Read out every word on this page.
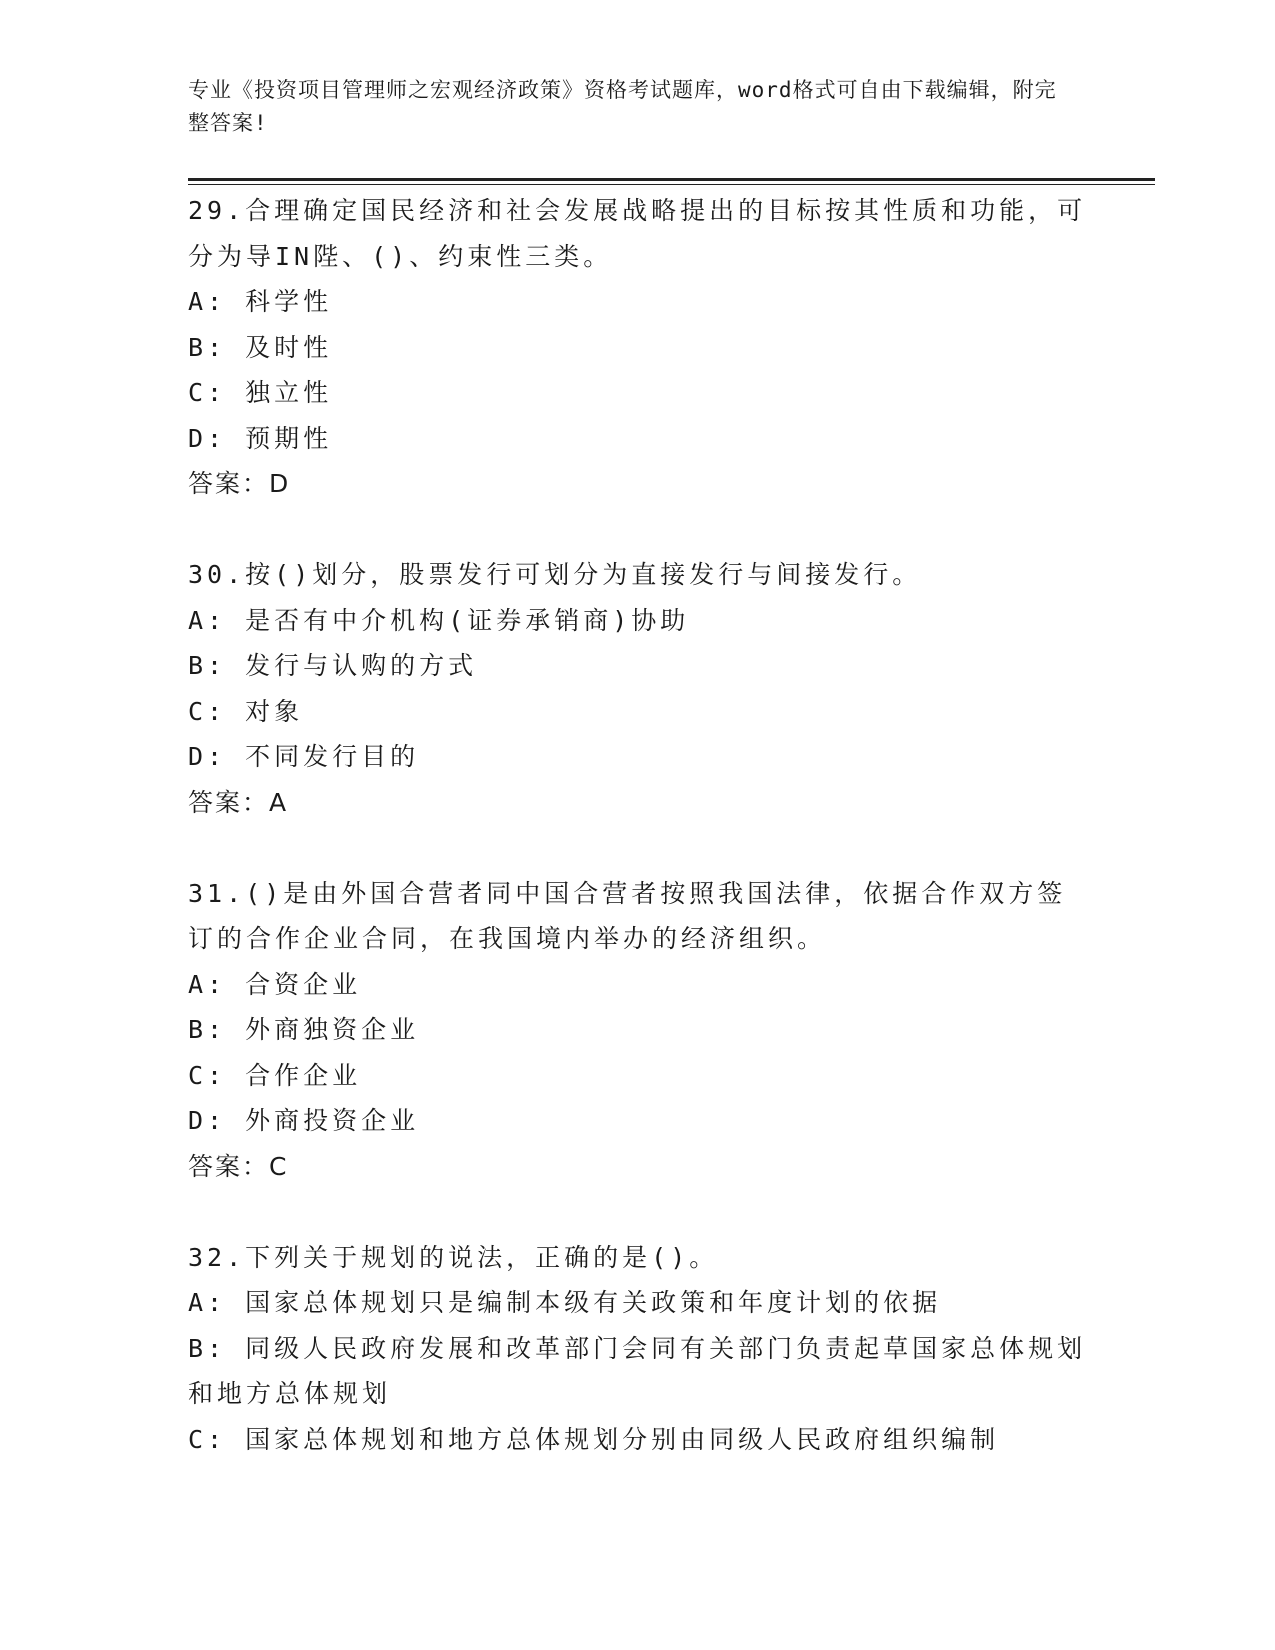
专业《投资项目管理师之宏观经济政策》资格考试题库，word格式可自由下载编辑，附完整答案!
29.合理确定国民经济和社会发展战略提出的目标按其性质和功能，可分为导IN陛、()、约束性三类。
A: 科学性
B: 及时性
C: 独立性
D: 预期性
答案：D
30.按()划分，股票发行可划分为直接发行与间接发行。
A: 是否有中介机构(证券承销商)协助
B: 发行与认购的方式
C: 对象
D: 不同发行目的
答案：A
31.()是由外国合营者同中国合营者按照我国法律，依据合作双方签订的合作企业合同，在我国境内举办的经济组织。
A: 合资企业
B: 外商独资企业
C: 合作企业
D: 外商投资企业
答案：C
32.下列关于规划的说法，正确的是()。
A: 国家总体规划只是编制本级有关政策和年度计划的依据
B: 同级人民政府发展和改革部门会同有关部门负责起草国家总体规划和地方总体规划
C: 国家总体规划和地方总体规划分别由同级人民政府组织编制
